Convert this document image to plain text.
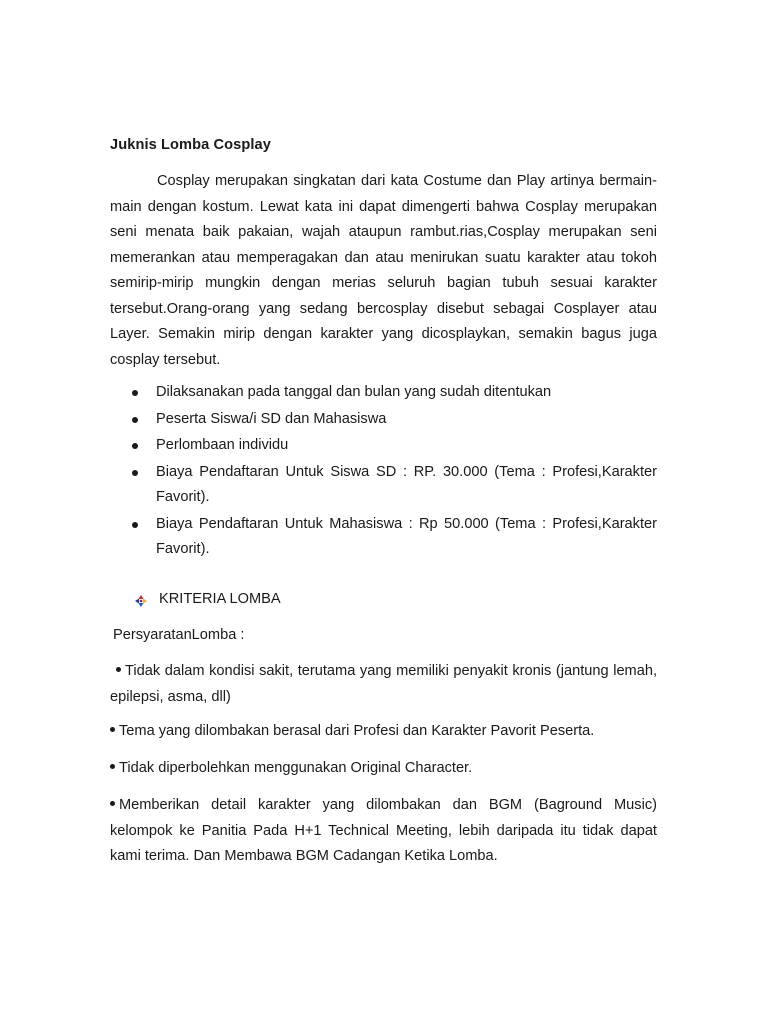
Juknis Lomba Cosplay

Cosplay merupakan singkatan dari kata Costume dan Play artinya bermain-main dengan kostum. Lewat kata ini dapat dimengerti bahwa Cosplay merupakan seni menata baik pakaian, wajah ataupun rambut.rias,Cosplay merupakan seni memerankan atau memperagakan dan atau menirukan suatu karakter atau tokoh semirip-mirip mungkin dengan merias seluruh bagian tubuh sesuai karakter tersebut.Orang-orang yang sedang bercosplay disebut sebagai Cosplayer atau Layer. Semakin mirip dengan karakter yang dicosplaykan, semakin bagus juga cosplay tersebut.

Dilaksanakan pada tanggal dan bulan yang sudah ditentukan
Peserta Siswa/i SD dan Mahasiswa
Perlombaan individu
Biaya Pendaftaran Untuk Siswa SD : RP. 30.000 (Tema : Profesi,Karakter Favorit).
Biaya Pendaftaran Untuk Mahasiswa : Rp 50.000 (Tema : Profesi,Karakter Favorit).
KRITERIA LOMBA
PersyaratanLomba :

Tidak dalam kondisi sakit, terutama yang memiliki penyakit kronis (jantung lemah, epilepsi, asma, dll)

Tema yang dilombakan berasal dari Profesi dan Karakter Pavorit Peserta.

Tidak diperbolehkan menggunakan Original Character.

Memberikan detail karakter yang dilombakan dan BGM (Baground Music) kelompok ke Panitia Pada H+1 Technical Meeting, lebih daripada itu tidak dapat kami terima. Dan Membawa BGM Cadangan Ketika Lomba.
